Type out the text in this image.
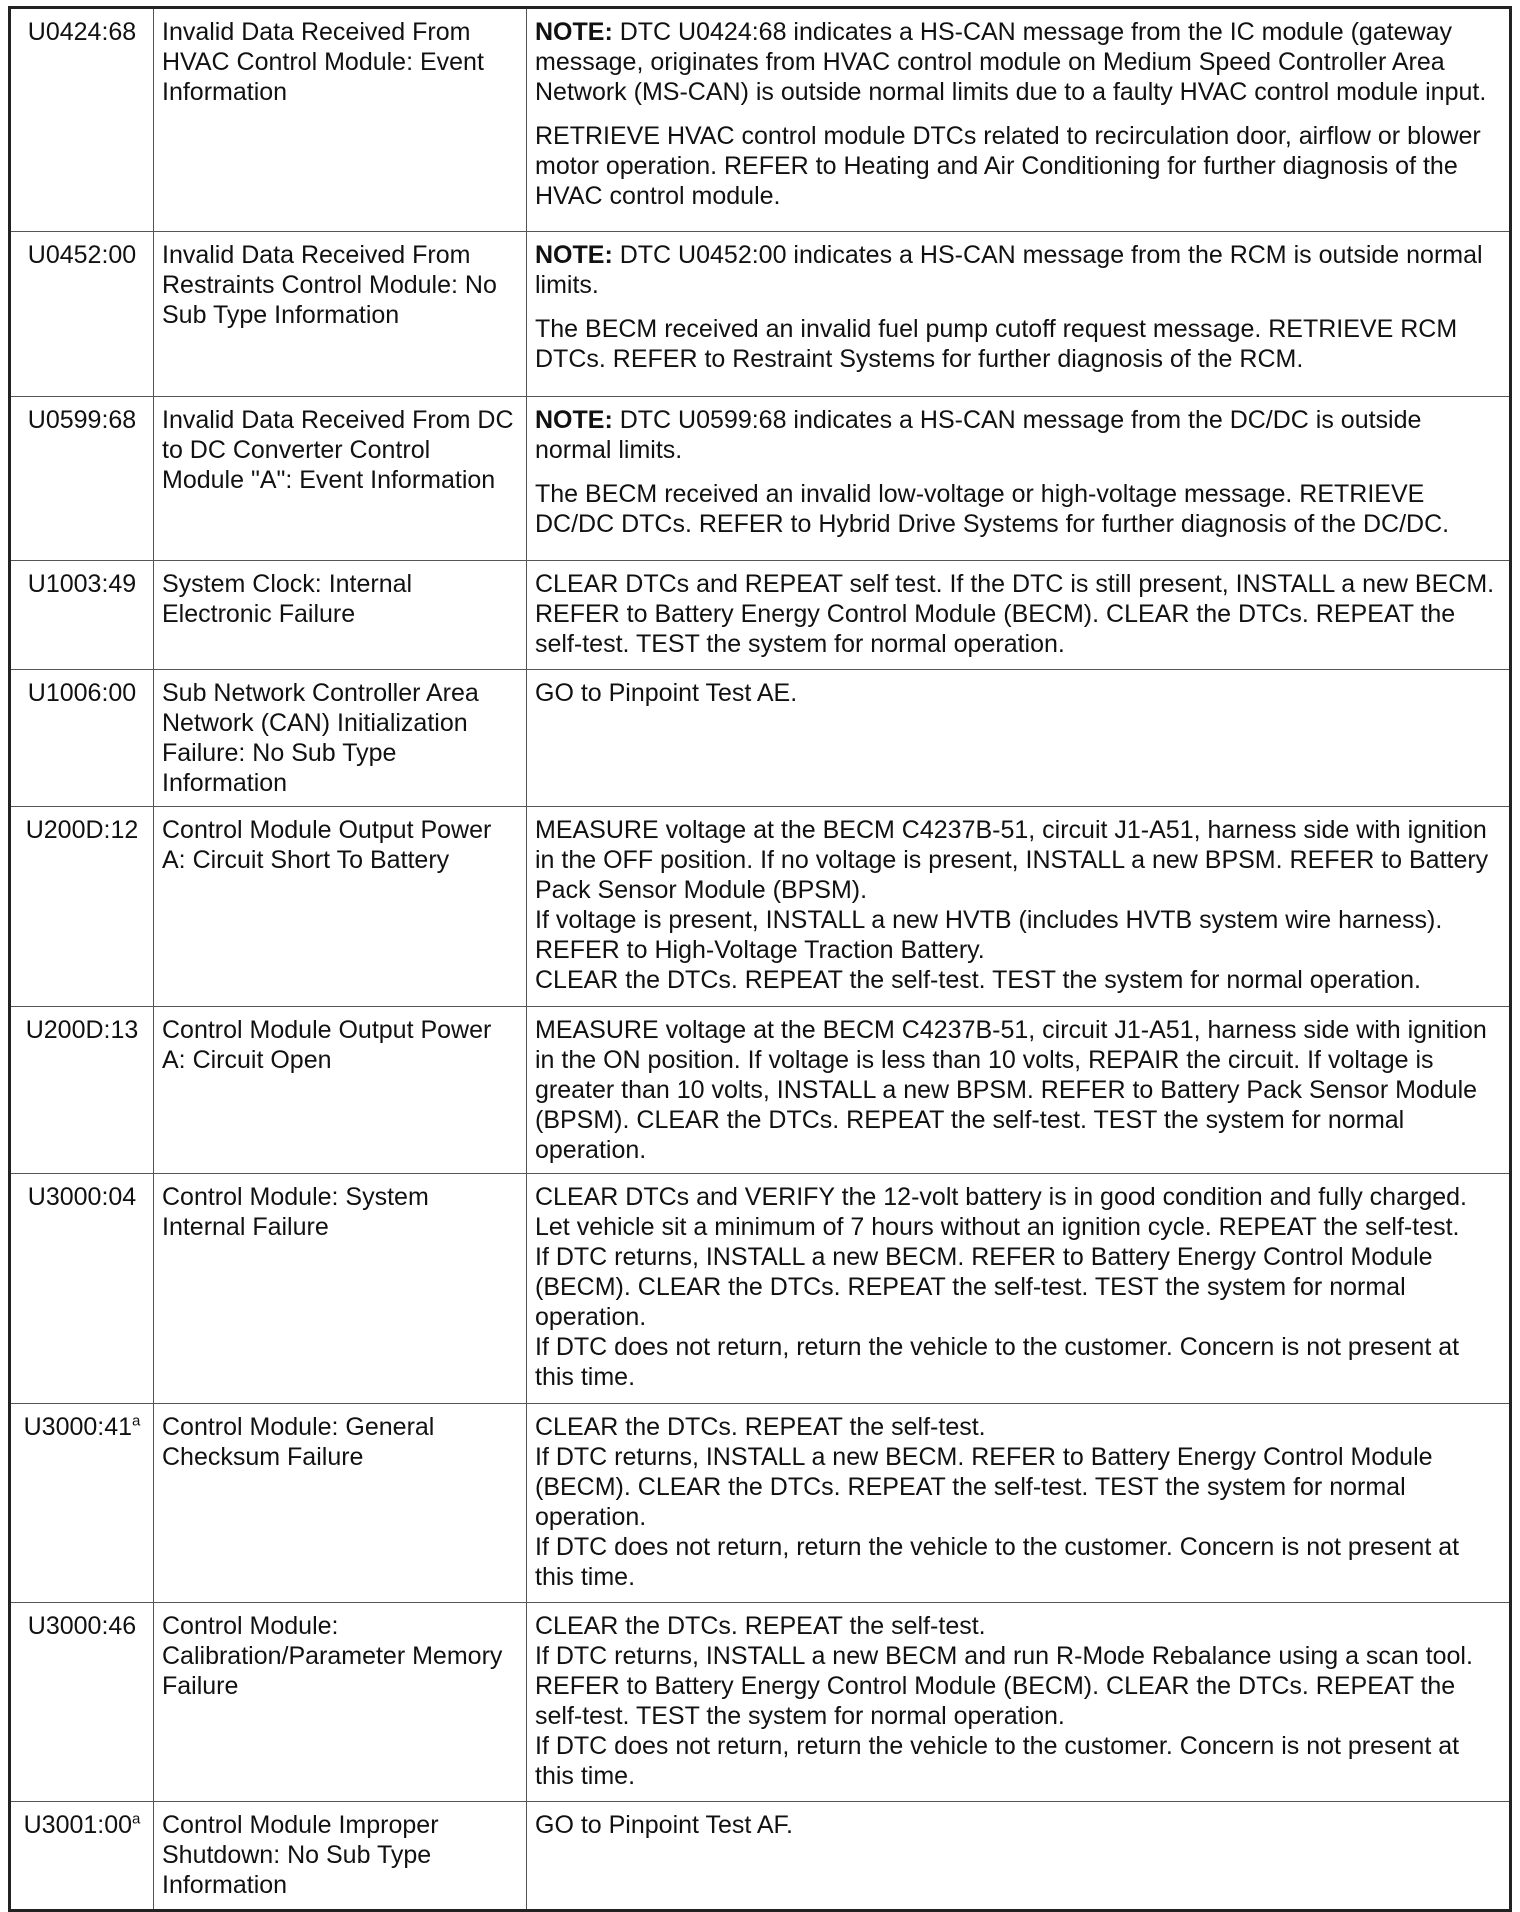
U0424:68	Invalid Data Received From HVAC Control Module: Event Information	NOTE: DTC U0424:68 indicates a HS-CAN message from the IC module (gateway message, originates from HVAC control module on Medium Speed Controller Area Network (MS-CAN) is outside normal limits due to a faulty HVAC control module input.

RETRIEVE HVAC control module DTCs related to recirculation door, airflow or blower motor operation. REFER to Heating and Air Conditioning for further diagnosis of the HVAC control module.

U0452:00	Invalid Data Received From Restraints Control Module: No Sub Type Information	NOTE: DTC U0452:00 indicates a HS-CAN message from the RCM is outside normal limits.

The BECM received an invalid fuel pump cutoff request message. RETRIEVE RCM DTCs. REFER to Restraint Systems for further diagnosis of the RCM.

U0599:68	Invalid Data Received From DC to DC Converter Control Module "A": Event Information	NOTE: DTC U0599:68 indicates a HS-CAN message from the DC/DC is outside normal limits.

The BECM received an invalid low-voltage or high-voltage message. RETRIEVE DC/DC DTCs. REFER to Hybrid Drive Systems for further diagnosis of the DC/DC.

U1003:49	System Clock: Internal Electronic Failure	CLEAR DTCs and REPEAT self test. If the DTC is still present, INSTALL a new BECM. REFER to Battery Energy Control Module (BECM). CLEAR the DTCs. REPEAT the self-test. TEST the system for normal operation.

U1006:00	Sub Network Controller Area Network (CAN) Initialization Failure: No Sub Type Information	GO to Pinpoint Test AE.

U200D:12	Control Module Output Power A: Circuit Short To Battery	MEASURE voltage at the BECM C4237B-51, circuit J1-A51, harness side with ignition in the OFF position. If no voltage is present, INSTALL a new BPSM. REFER to Battery Pack Sensor Module (BPSM).
If voltage is present, INSTALL a new HVTB (includes HVTB system wire harness). REFER to High-Voltage Traction Battery.
CLEAR the DTCs. REPEAT the self-test. TEST the system for normal operation.

U200D:13	Control Module Output Power A: Circuit Open	MEASURE voltage at the BECM C4237B-51, circuit J1-A51, harness side with ignition in the ON position. If voltage is less than 10 volts, REPAIR the circuit. If voltage is greater than 10 volts, INSTALL a new BPSM. REFER to Battery Pack Sensor Module (BPSM). CLEAR the DTCs. REPEAT the self-test. TEST the system for normal operation.

U3000:04	Control Module: System Internal Failure	CLEAR DTCs and VERIFY the 12-volt battery is in good condition and fully charged.
Let vehicle sit a minimum of 7 hours without an ignition cycle. REPEAT the self-test.
If DTC returns, INSTALL a new BECM. REFER to Battery Energy Control Module (BECM). CLEAR the DTCs. REPEAT the self-test. TEST the system for normal operation.
If DTC does not return, return the vehicle to the customer. Concern is not present at this time.

U3000:41$^a$	Control Module: General Checksum Failure	CLEAR the DTCs. REPEAT the self-test.
If DTC returns, INSTALL a new BECM. REFER to Battery Energy Control Module (BECM). CLEAR the DTCs. REPEAT the self-test. TEST the system for normal operation.
If DTC does not return, return the vehicle to the customer. Concern is not present at this time.

U3000:46	Control Module: Calibration/Parameter Memory Failure	CLEAR the DTCs. REPEAT the self-test.
If DTC returns, INSTALL a new BECM and run R-Mode Rebalance using a scan tool. REFER to Battery Energy Control Module (BECM). CLEAR the DTCs. REPEAT the self-test. TEST the system for normal operation.
If DTC does not return, return the vehicle to the customer. Concern is not present at this time.

U3001:00$^a$	Control Module Improper Shutdown: No Sub Type Information	GO to Pinpoint Test AF.
